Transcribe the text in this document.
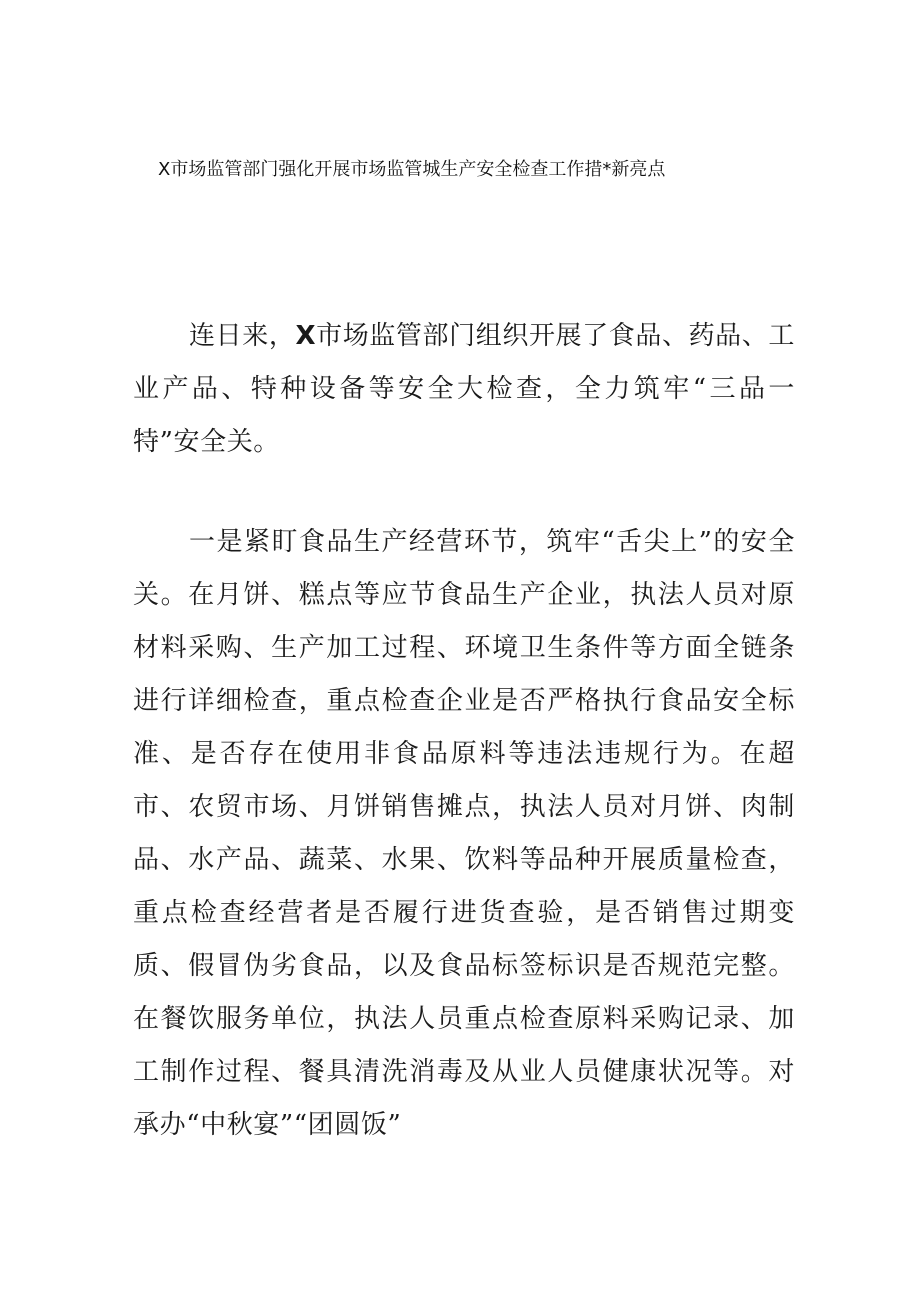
X市场监管部门强化开展市场监管城生产安全检查工作措*新亮点

连日来，X市场监管部门组织开展了食品、药品、工业产品、特种设备等安全大检查，全力筑牢“三品一特”安全关。

一是紧盯食品生产经营环节，筑牢“舌尖上”的安全关。在月饼、糕点等应节食品生产企业，执法人员对原材料采购、生产加工过程、环境卫生条件等方面全链条进行详细检查，重点检查企业是否严格执行食品安全标准、是否存在使用非食品原料等违法违规行为。在超市、农贸市场、月饼销售摊点，执法人员对月饼、肉制品、水产品、蔬菜、水果、饮料等品种开展质量检查，重点检查经营者是否履行进货查验，是否销售过期变质、假冒伪劣食品，以及食品标签标识是否规范完整。在餐饮服务单位，执法人员重点检查原料采购记录、加工制作过程、餐具清洗消毒及从业人员健康状况等。对承办“中秋宴”“团圆饭”
